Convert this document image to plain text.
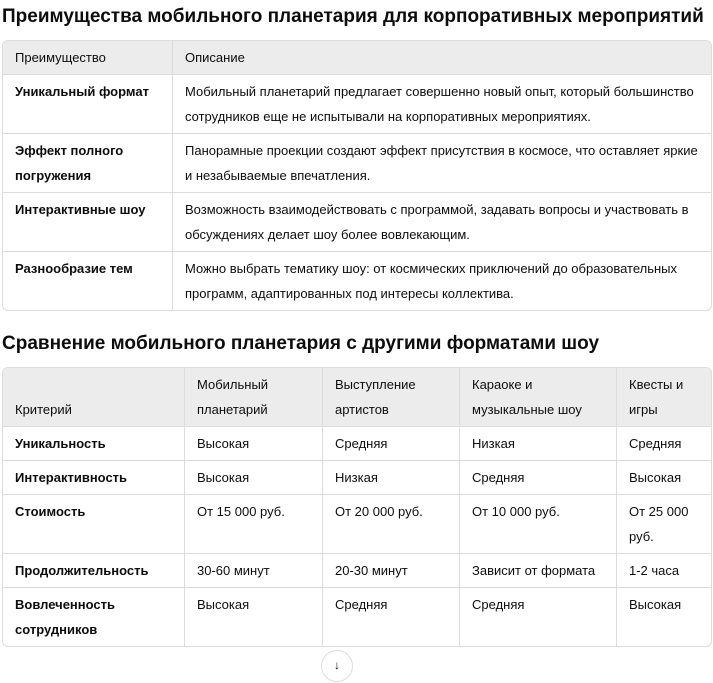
Преимущества мобильного планетария для корпоративных мероприятий
Преимущество	Описание
Уникальный формат	Мобильный планетарий предлагает совершенно новый опыт, который большинство сотрудников еще не испытывали на корпоративных мероприятиях.
Эффект полного погружения	Панорамные проекции создают эффект присутствия в космосе, что оставляет яркие и незабываемые впечатления.
Интерактивные шоу	Возможность взаимодействовать с программой, задавать вопросы и участвовать в обсуждениях делает шоу более вовлекающим.
Разнообразие тем	Можно выбрать тематику шоу: от космических приключений до образовательных программ, адаптированных под интересы коллектива.
Сравнение мобильного планетария с другими форматами шоу
Критерий	Мобильный планетарий	Выступление артистов	Караоке и музыкальные шоу	Квесты и игры
Уникальность	Высокая	Средняя	Низкая	Средняя
Интерактивность	Высокая	Низкая	Средняя	Высокая
Стоимость	От 15 000 руб.	От 20 000 руб.	От 10 000 руб.	От 25 000 руб.
Продолжительность	30-60 минут	20-30 минут	Зависит от формата	1-2 часа
Вовлеченность сотрудников	Высокая	Средняя	Средняя	Высокая
↓
